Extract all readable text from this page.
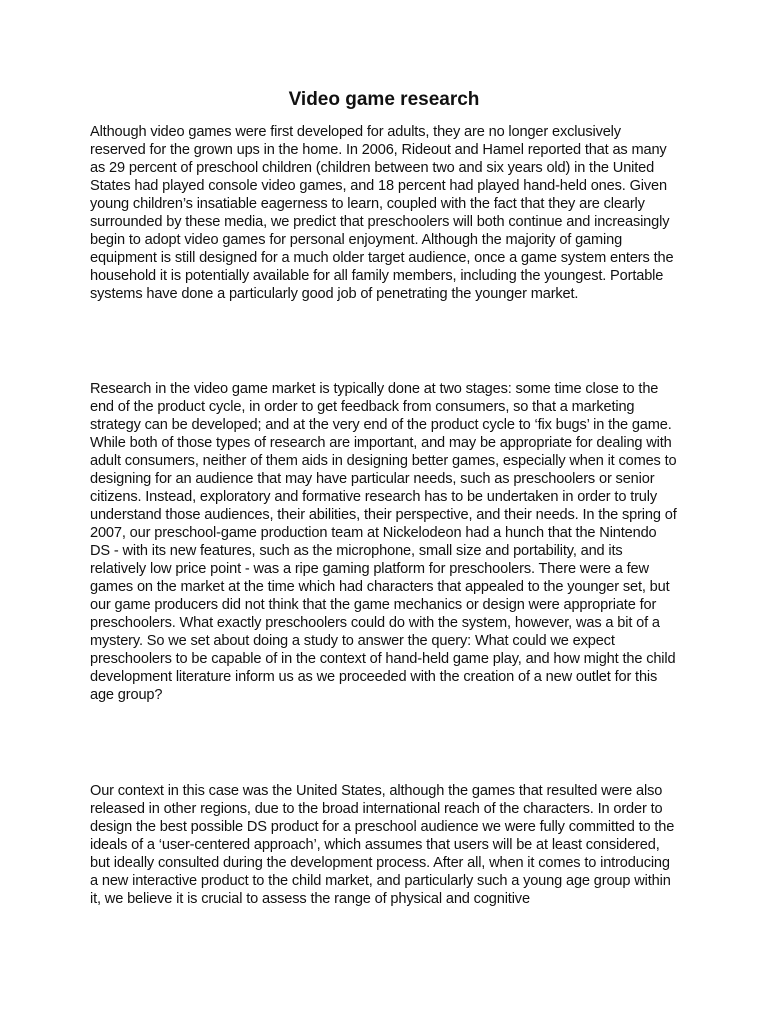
Video game research

Although video games were first developed for adults, they are no longer exclusively reserved for the grown ups in the home. In 2006, Rideout and Hamel reported that as many as 29 percent of preschool children (children between two and six years old) in the United States had played console video games, and 18 percent had played hand-held ones. Given young children’s insatiable eagerness to learn, coupled with the fact that they are clearly surrounded by these media, we predict that preschoolers will both continue and increasingly begin to adopt video games for personal enjoyment. Although the majority of gaming equipment is still designed for a much older target audience, once a game system enters the household it is potentially available for all family members, including the youngest. Portable systems have done a particularly good job of penetrating the younger market.

Research in the video game market is typically done at two stages: some time close to the end of the product cycle, in order to get feedback from consumers, so that a marketing strategy can be developed; and at the very end of the product cycle to ‘fix bugs’ in the game. While both of those types of research are important, and may be appropriate for dealing with adult consumers, neither of them aids in designing better games, especially when it comes to designing for an audience that may have particular needs, such as preschoolers or senior citizens. Instead, exploratory and formative research has to be undertaken in order to truly understand those audiences, their abilities, their perspective, and their needs. In the spring of 2007, our preschool-game production team at Nickelodeon had a hunch that the Nintendo DS - with its new features, such as the microphone, small size and portability, and its relatively low price point - was a ripe gaming platform for preschoolers. There were a few games on the market at the time which had characters that appealed to the younger set, but our game producers did not think that the game mechanics or design were appropriate for preschoolers. What exactly preschoolers could do with the system, however, was a bit of a mystery. So we set about doing a study to answer the query: What could we expect preschoolers to be capable of in the context of hand-held game play, and how might the child development literature inform us as we proceeded with the creation of a new outlet for this age group?

Our context in this case was the United States, although the games that resulted were also released in other regions, due to the broad international reach of the characters. In order to design the best possible DS product for a preschool audience we were fully committed to the ideals of a ‘user-centered approach’, which assumes that users will be at least considered, but ideally consulted during the development process. After all, when it comes to introducing a new interactive product to the child market, and particularly such a young age group within it, we believe it is crucial to assess the range of physical and cognitive
